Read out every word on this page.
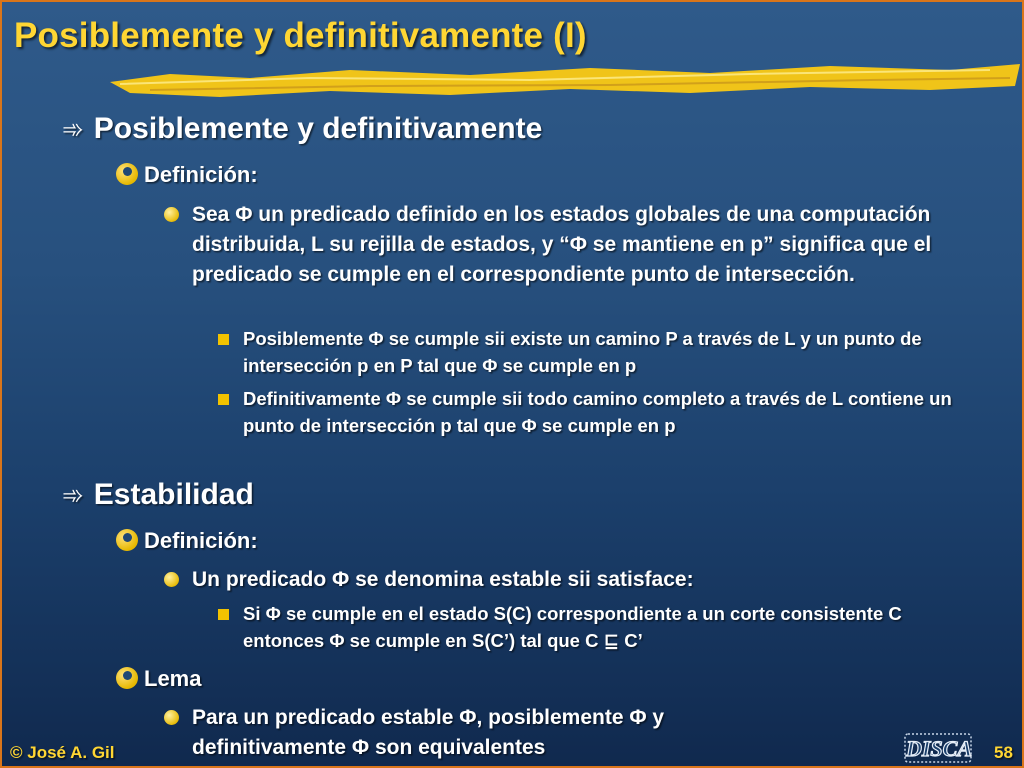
Posiblemente y definitivamente (I)
➾ Posiblemente y definitivamente
Definición:
Sea Φ un predicado definido en los estados globales de una computación distribuida, L su rejilla de estados, y “Φ se mantiene en p” significa que el predicado se cumple en el correspondiente punto de intersección.
Posiblemente Φ se cumple sii existe un camino P a través de L y un punto de intersección p en P tal que Φ se cumple en p
Definitivamente Φ se cumple sii todo camino completo a través de L contiene un punto de intersección p tal que Φ se cumple en p
➾ Estabilidad
Definición:
Un predicado Φ se denomina estable sii satisface:
Si Φ se cumple en el estado S(C) correspondiente a un corte consistente C entonces Φ se cumple en S(C’) tal que C ⊑ C’
Lema
Para un predicado estable Φ, posiblemente Φ y definitivamente Φ son equivalentes
© José A. Gil	DISCA 58
